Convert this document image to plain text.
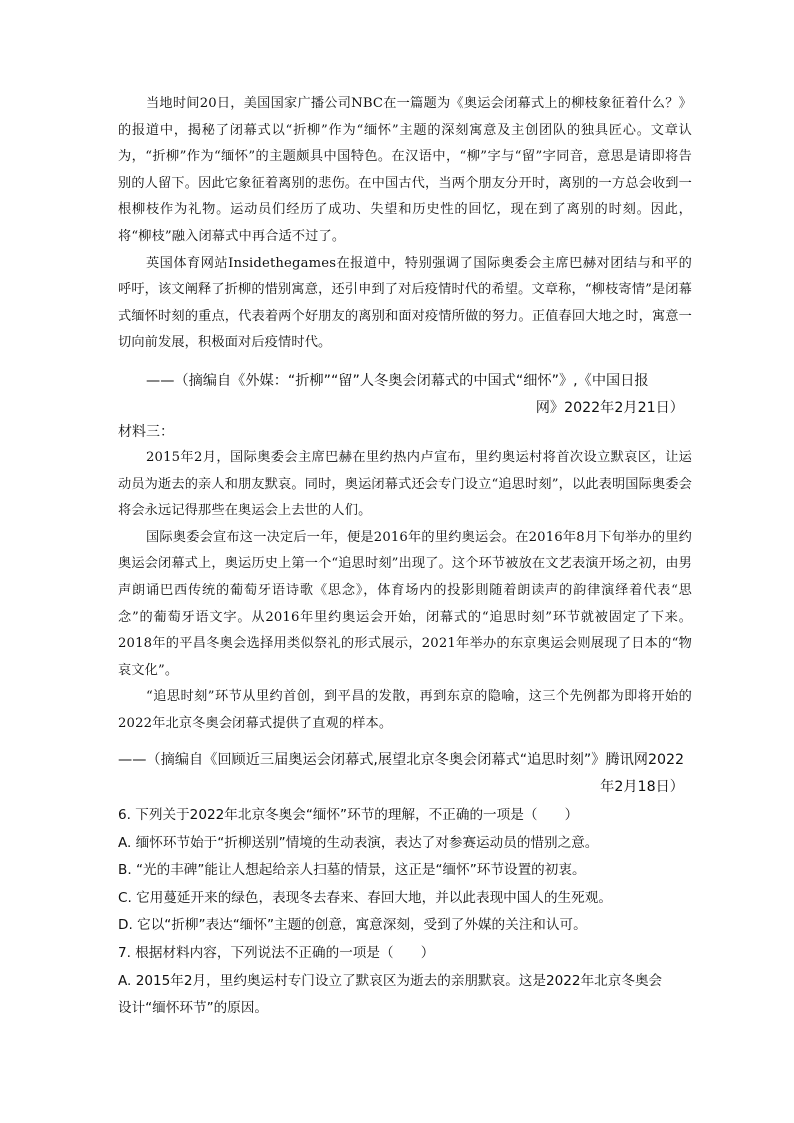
当地时间20日，美国国家广播公司NBC在一篇题为《奥运会闭幕式上的柳枝象征着什么？》的报道中，揭秘了闭幕式以“折柳”作为“缅怀”主题的深刻寓意及主创团队的独具匠心。文章认为，“折柳”作为“缅怀”的主题颇具中国特色。在汉语中，“柳”字与“留”字同音，意思是请即将告别的人留下。因此它象征着离别的悲伤。在中国古代，当两个朋友分开时，离别的一方总会收到一根柳枝作为礼物。运动员们经历了成功、失望和历史性的回忆，现在到了离别的时刻。因此，将“柳枝”融入闭幕式中再合适不过了。

英国体育网站Insidethegames在报道中，特别强调了国际奥委会主席巴赫对团结与和平的呼吁，该文阐释了折柳的惜别寓意，还引申到了对后疫情时代的希望。文章称，“柳枝寄情”是闭幕式缅怀时刻的重点，代表着两个好朋友的离别和面对疫情所做的努力。正值春回大地之时，寓意一切向前发展，积极面对后疫情时代。

——（摘编自《外媒：“折柳”“留”人冬奥会闭幕式的中国式“细怀”》,《中国日报
网》2022年2月21日）

材料三：

2015年2月，国际奥委会主席巴赫在里约热内卢宣布，里约奥运村将首次设立默哀区，让运动员为逝去的亲人和朋友默哀。同时，奥运闭幕式还会专门设立“追思时刻”，以此表明国际奥委会将会永远记得那些在奥运会上去世的人们。

国际奥委会宣布这一决定后一年，便是2016年的里约奥运会。在2016年8月下旬举办的里约奥运会闭幕式上，奥运历史上第一个“追思时刻”出现了。这个环节被放在文艺表演开场之初，由男声朗诵巴西传统的葡萄牙语诗歌《思念》，体育场内的投影則随着朗读声的韵律演绎着代表“思念”的葡萄牙语文字。从2016年里约奥运会开始，闭幕式的“追思时刻”环节就被固定了下来。2018年的平昌冬奥会选择用类似祭礼的形式展示，2021年举办的东京奥运会则展现了日本的“物哀文化”。

“追思时刻”环节从里约首创，到平昌的发散，再到东京的隐喻，这三个先例都为即将开始的2022年北京冬奥会闭幕式提供了直观的样本。

——（摘编自《回顾近三届奥运会闭幕式,展望北京冬奥会闭幕式“追思时刻”》腾讯网2022
年2月18日）

6. 下列关于2022年北京冬奥会“缅怀”环节的理解，不正确的一项是（　　）

A. 缅怀环节始于“折柳送别”情境的生动表演，表达了对参赛运动员的惜别之意。

B. “光的丰碑”能让人想起给亲人扫墓的情景，这正是“缅怀”环节设置的初衷。

C. 它用蔓延开来的绿色，表现冬去春来、春回大地，并以此表现中国人的生死观。

D. 它以“折柳”表达“缅怀”主题的创意，寓意深刻，受到了外媒的关注和认可。

7. 根据材料内容，下列说法不正确的一项是（　　）

A. 2015年2月，里约奥运村专门设立了默哀区为逝去的亲朋默哀。这是2022年北京冬奥会

设计“缅怀环节”的原因。
